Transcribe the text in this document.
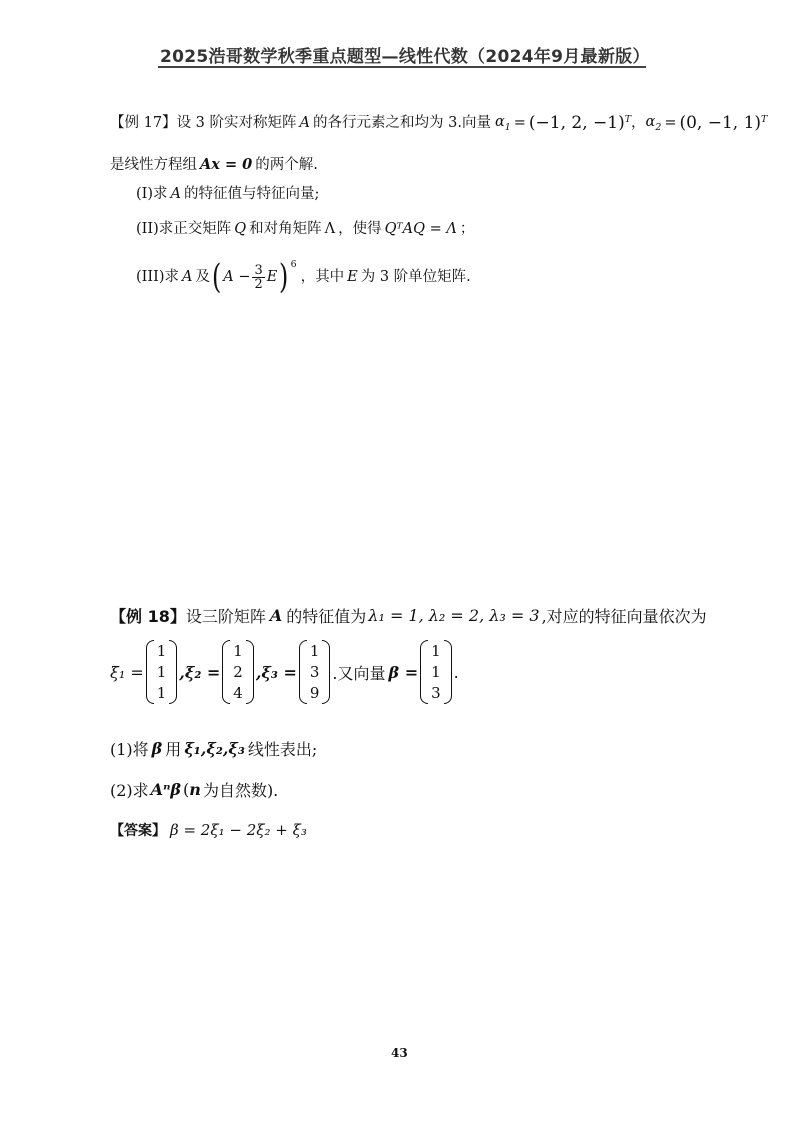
2025浩哥数学秋季重点题型—线性代数（2024年9月最新版）
【例 17】 设 3 阶实对称矩阵 A 的各行元素之和均为 3.向量 $\alpha_1 = (-1$, 2, −1)$^T$ ， $\alpha_2 = (0$, −1, 1)$^T$
是线性方程组 Ax = 0 的两个解.
(I)求 A 的特征值与特征向量;
(II)求正交矩阵 Q 和对角矩阵 Λ ，使得 QᵀAQ = Λ ；
(III)求 A 及 ( $A - \frac{3}{2}$ E )$^6$
，其中 E 为 3 阶单位矩阵.
【例 18】 设三阶矩阵 A 的特征值为 λ₁ = 1, λ₂ = 2, λ₃ = 3 ,对应的特征向量依次为
ξ₁ =
1
1
1
,ξ₂ =
1
2
4
,ξ₃ =
1
3
9
.又向量 β =
1
1
3
.
(1)将 β 用 ξ₁,ξ₂,ξ₃ 线性表出;
(2)求 Aⁿβ ( n 为自然数).
【答案】 β = 2ξ₁ − 2ξ₂ + ξ₃
43
